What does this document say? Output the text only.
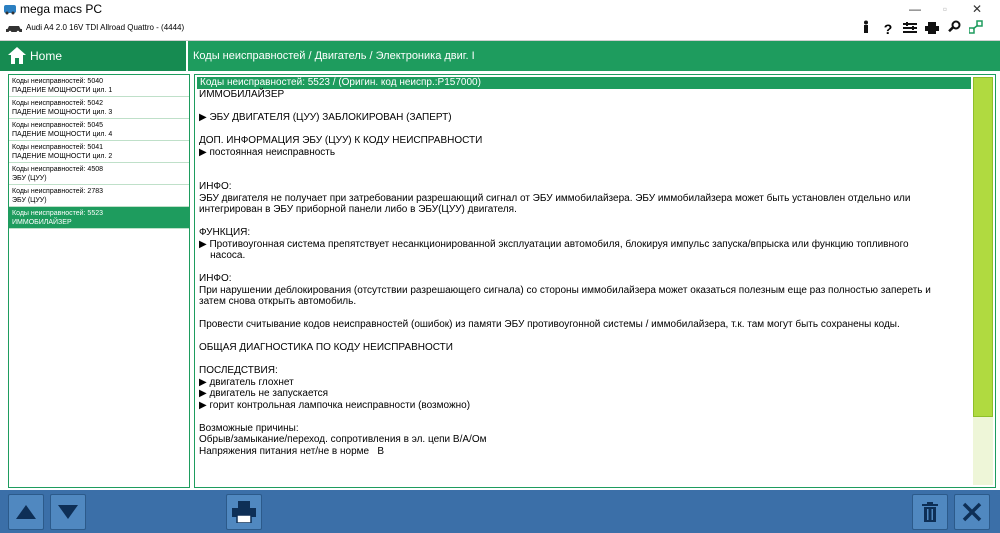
mega macs PC	—	▫	✕
Audi A4 2.0 16V TDI Allroad Quattro - (4444)	?
Home	Коды неисправностей / Двигатель / Электроника двиг. I
Коды неисправностей: 5040
ПАДЕНИЕ МОЩНОСТИ цил. 1
Коды неисправностей: 5042
ПАДЕНИЕ МОЩНОСТИ цил. 3
Коды неисправностей: 5045
ПАДЕНИЕ МОЩНОСТИ цил. 4
Коды неисправностей: 5041
ПАДЕНИЕ МОЩНОСТИ цил. 2
Коды неисправностей: 4508
ЭБУ (ЦУУ)
Коды неисправностей: 2783
ЭБУ (ЦУУ)
Коды неисправностей: 5523
ИММОБИЛАЙЗЕР
Коды неисправностей: 5523 / (Оригин. код неиспр.:P157000)
ИММОБИЛАЙЗЕР

▶ ЭБУ ДВИГАТЕЛЯ (ЦУУ) ЗАБЛОКИРОВАН (ЗАПЕРТ)

ДОП. ИНФОРМАЦИЯ ЭБУ (ЦУУ) К КОДУ НЕИСПРАВНОСТИ
▶ постоянная неисправность

ИНФО:
ЭБУ двигателя не получает при затребовании разрешающий сигнал от ЭБУ иммобилайзера. ЭБУ иммобилайзера может быть установлен отдельно или
интегрирован в ЭБУ приборной панели либо в ЭБУ(ЦУУ) двигателя.

ФУНКЦИЯ:
▶ Противоугонная система препятствует несанкционированной эксплуатации автомобиля, блокируя импульс запуска/впрыска или функцию топливного
насоса.

ИНФО:
При нарушении деблокирования (отсутствии разрешающего сигнала) со стороны иммобилайзера может оказаться полезным еще раз полностью запереть и
затем снова открыть автомобиль.

Провести считывание кодов неисправностей (ошибок) из памяти ЭБУ противоугонной системы / иммобилайзера, т.к. там могут быть сохранены коды.

ОБЩАЯ ДИАГНОСТИКА ПО КОДУ НЕИСПРАВНОСТИ

ПОСЛЕДСТВИЯ:
▶ двигатель глохнет
▶ двигатель не запускается
▶ горит контрольная лампочка неисправности (возможно)

Возможные причины:
Обрыв/замыкание/переход. сопротивления в эл. цепи В/А/Ом
Напряжения питания нет/не в норме   В
